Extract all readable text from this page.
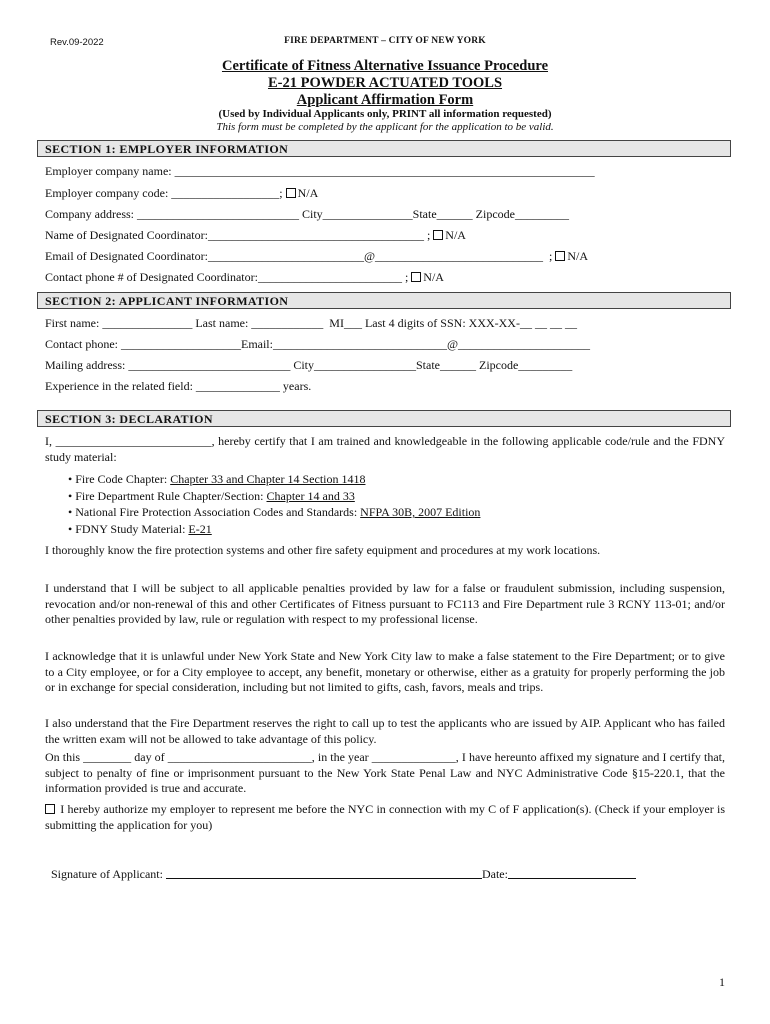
Rev.09-2022	FIRE DEPARTMENT – CITY OF NEW YORK
Certificate of Fitness Alternative Issuance Procedure
E-21 POWDER ACTUATED TOOLS
Applicant Affirmation Form
(Used by Individual Applicants only, PRINT all information requested)
This form must be completed by the applicant for the application to be valid.
SECTION 1: EMPLOYER INFORMATION
Employer company name: ______________________________________________________________________
Employer company code: __________________; N/A
Company address: ___________________________ City_______________State______ Zipcode_________
Name of Designated Coordinator:____________________________________ ; N/A
Email of Designated Coordinator:__________________________@____________________________  ; N/A
Contact phone # of Designated Coordinator:________________________ ; N/A
SECTION 2: APPLICANT INFORMATION
First name: _______________ Last name: ____________  MI___ Last 4 digits of SSN: XXX-XX-__ __ __ __
Contact phone: ____________________Email:_____________________________@______________________
Mailing address: ___________________________ City_________________State______ Zipcode_________
Experience in the related field: ______________ years.
SECTION 3: DECLARATION
I, __________________________, hereby certify that I am trained and knowledgeable in the following applicable code/rule and the FDNY study material:
• Fire Code Chapter: Chapter 33 and Chapter 14 Section 1418
• Fire Department Rule Chapter/Section: Chapter 14 and 33
• National Fire Protection Association Codes and Standards: NFPA 30B, 2007 Edition
• FDNY Study Material: E-21
I thoroughly know the fire protection systems and other fire safety equipment and procedures at my work locations.
I understand that I will be subject to all applicable penalties provided by law for a false or fraudulent submission, including suspension, revocation and/or non-renewal of this and other Certificates of Fitness pursuant to FC113 and Fire Department rule 3 RCNY 113-01; and/or other penalties provided by law, rule or regulation with respect to my professional license.
I acknowledge that it is unlawful under New York State and New York City law to make a false statement to the Fire Department; or to give to a City employee, or for a City employee to accept, any benefit, monetary or otherwise, either as a gratuity for properly performing the job or in exchange for special consideration, including but not limited to gifts, cash, favors, meals and trips.
I also understand that the Fire Department reserves the right to call up to test the applicants who are issued by AIP. Applicant who has failed the written exam will not be allowed to take advantage of this policy.
On this ________ day of ________________________, in the year ______________, I have hereunto affixed my signature and I certify that, subject to penalty of fine or imprisonment pursuant to the New York State Penal Law and NYC Administrative Code §15-220.1, that the information provided is true and accurate.
I hereby authorize my employer to represent me before the NYC in connection with my C of F application(s). (Check if your employer is submitting the application for you)

Signature of Applicant:	Date:

1
